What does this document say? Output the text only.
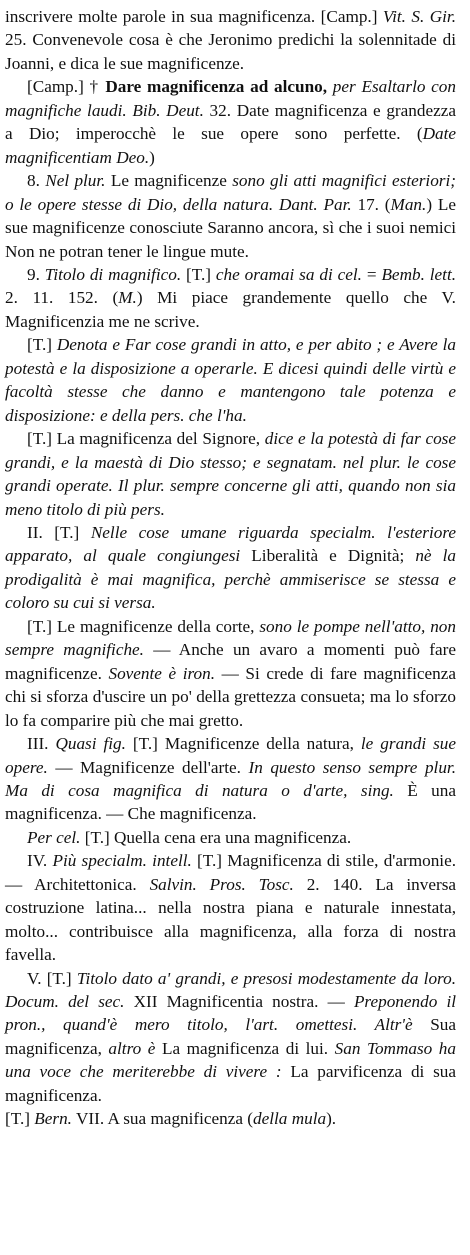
inscrivere molte parole in sua magnificenza. [Camp.] Vit. S. Gir. 25. Convenevole cosa è che Jeronimo predichi la solennitade di Joanni, e dica le sue magnificenze.

[Camp.] † Dare magnificenza ad alcuno, per Esaltarlo con magnifiche laudi. Bib. Deut. 32. Date magnificenza e grandezza a Dio; imperocchè le sue opere sono perfette. (Date magnificentiam Deo.)

8. Nel plur. Le magnificenze sono gli atti magnifici esteriori; o le opere stesse di Dio, della natura. Dant. Par. 17. (Man.) Le sue magnificenze conosciute Saranno ancora, sì che i suoi nemici Non ne potran tener le lingue mute.

9. Titolo di magnifico. [T.] che oramai sa di cel. = Bemb. lett. 2. 11. 152. (M.) Mi piace grandemente quello che V. Magnificenzia me ne scrive.

[T.] Denota e Far cose grandi in atto, e per abito ; e Avere la potestà e la disposizione a operarle. E dicesi quindi delle virtù e facoltà stesse che danno e mantengono tale potenza e disposizione: e della pers. che l'ha.

[T.] La magnificenza del Signore, dice e la potestà di far cose grandi, e la maestà di Dio stesso; e segnatam. nel plur. le cose grandi operate. Il plur. sempre concerne gli atti, quando non sia meno titolo di più pers.

II. [T.] Nelle cose umane riguarda specialm. l'esteriore apparato, al quale congiungesi Liberalità e Dignità; nè la prodigalità è mai magnifica, perchè ammiserisce se stessa e coloro su cui si versa.

[T.] Le magnificenze della corte, sono le pompe nell'atto, non sempre magnifiche. — Anche un avaro a momenti può fare magnificenze. Sovente è iron. — Si crede di fare magnificenza chi si sforza d'uscire un po' della grettezza consueta; ma lo sforzo lo fa comparire più che mai gretto.

III. Quasi fig. [T.] Magnificenze della natura, le grandi sue opere. — Magnificenze dell'arte. In questo senso sempre plur. Ma di cosa magnifica di natura o d'arte, sing. È una magnificenza. — Che magnificenza.

Per cel. [T.] Quella cena era una magnificenza.

IV. Più specialm. intell. [T.] Magnificenza di stile, d'armonie. — Architettonica. Salvin. Pros. Tosc. 2. 140. La inversa costruzione latina... nella nostra piana e naturale innestata, molto... contribuisce alla magnificenza, alla forza di nostra favella.

V. [T.] Titolo dato a' grandi, e presosi modestamente da loro. Docum. del sec. XII Magnificentia nostra. — Preponendo il pron., quand'è mero titolo, l'art. omettesi. Altr'è Sua magnificenza, altro è La magnificenza di lui. San Tommaso ha una voce che meriterebbe di vivere : La parvificenza di sua magnificenza.

[T.] Bern. VII. A sua magnificenza (della mula).
